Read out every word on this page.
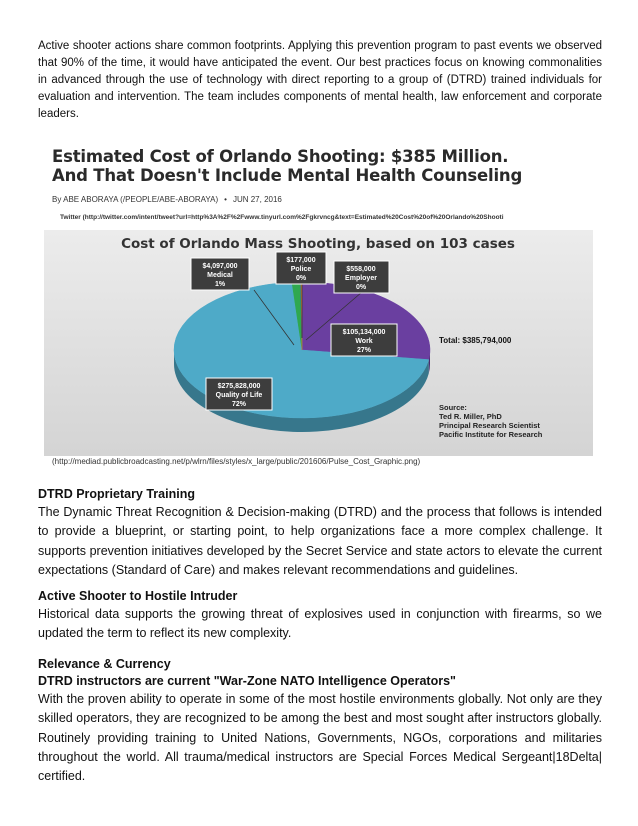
Active shooter actions share common footprints. Applying this prevention program to past events we observed that 90% of the time, it would have anticipated the event. Our best practices focus on knowing commonalities in advanced through the use of technology with direct reporting to a group of (DTRD) trained individuals for evaluation and intervention. The team includes components of mental health, law enforcement and corporate leaders.

Estimated Cost of Orlando Shooting: $385 Million.
And That Doesn't Include Mental Health Counseling

By ABE ABORAYA (/PEOPLE/ABE-ABORAYA) • JUN 27, 2016
Twitter (http://twitter.com/intent/tweet?url=http%3A%2F%2Fwww.tinyurl.com%2Fgkrvncg&text=Estimated%20Cost%20of%20Orlando%20Shooti
Cost of Orlando Mass Shooting, based on 103 cases
$4,097,000
Medical
1%
$177,000
Police
0%
$558,000
Employer
0%
$105,134,000
Work
27%
$275,828,000
Quality of Life
72%
Total: $385,794,000
Source:
Ted R. Miller, PhD
Principal Research Scientist
Pacific Institute for Research
(http://mediad.publicbroadcasting.net/p/wlrn/files/styles/x_large/public/201606/Pulse_Cost_Graphic.png)

DTRD Proprietary Training

The Dynamic Threat Recognition & Decision-making (DTRD) and the process that follows is intended to provide a blueprint, or starting point, to help organizations face a more complex challenge. It supports prevention initiatives developed by the Secret Service and state actors to elevate the current expectations (Standard of Care) and makes relevant recommendations and guidelines.

Active Shooter to Hostile Intruder

Historical data supports the growing threat of explosives used in conjunction with firearms, so we updated the term to reflect its new complexity.

Relevance & Currency

DTRD instructors are current "War-Zone NATO Intelligence Operators"

With the proven ability to operate in some of the most hostile environments globally. Not only are they skilled operators, they are recognized to be among the best and most sought after instructors globally. Routinely providing training to United Nations, Governments, NGOs, corporations and militaries throughout the world. All trauma/medical instructors are Special Forces Medical Sergeant|18Delta| certified.
